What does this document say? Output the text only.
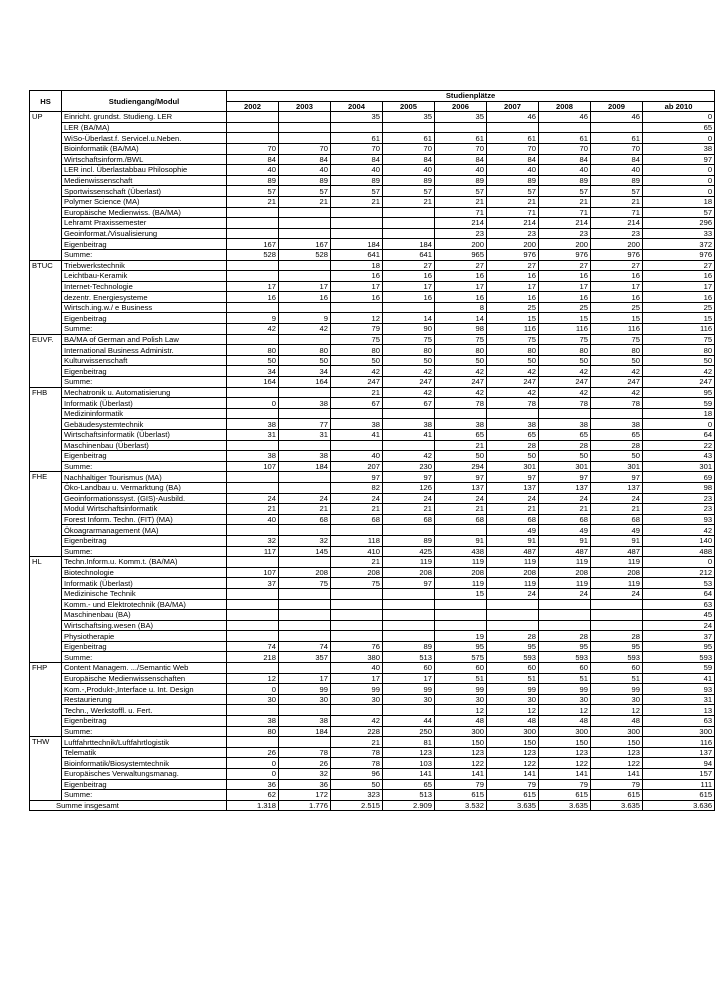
HS	Studiengang/Modul	Studienplätze								
		2002	2003	2004	2005	2006	2007	2008	2009	ab 2010
UP	Einricht. grundst. Studieng. LER			35	35	35	46	46	46	0
	LER (BA/MA)									65
	WiSo-Überlast.f. Servicel.u.Neben.			61	61	61	61	61	61	0
	Bioinformatik (BA/MA)	70	70	70	70	70	70	70	70	38
	Wirtschaftsinform./BWL	84	84	84	84	84	84	84	84	97
	LER incl. Überlastabbau Philosophie	40	40	40	40	40	40	40	40	0
	Medienwissenschaft	89	89	89	89	89	89	89	89	0
	Sportwissenschaft (Überlast)	57	57	57	57	57	57	57	57	0
	Polymer Science (MA)	21	21	21	21	21	21	21	21	18
	Europäische Medienwiss. (BA/MA)					71	71	71	71	57
	Lehramt Praxissemester					214	214	214	214	296
	Geoinformat./Visualisierung					23	23	23	23	33
	Eigenbeitrag	167	167	184	184	200	200	200	200	372
	Summe:	528	528	641	641	965	976	976	976	976
BTUC	Triebwerkstechnik			18	27	27	27	27	27	27
	Leichtbau-Keramik			16	16	16	16	16	16	16
	Internet-Technologie	17	17	17	17	17	17	17	17	17
	dezentr. Energiesysteme	16	16	16	16	16	16	16	16	16
	Wirtsch.ing.w./ e Business					8	25	25	25	25
	Eigenbeitrag	9	9	12	14	14	15	15	15	15
	Summe:	42	42	79	90	98	116	116	116	116
EUVF.	BA/MA of German and Polish Law			75	75	75	75	75	75	75
	International Business Administr.	80	80	80	80	80	80	80	80	80
	Kulturwissenschaft	50	50	50	50	50	50	50	50	50
	Eigenbeitrag	34	34	42	42	42	42	42	42	42
	Summe:	164	164	247	247	247	247	247	247	247
FHB	Mechatronik u. Automatisierung			21	42	42	42	42	42	95
	Informatik (Überlast)	0	38	67	67	78	78	78	78	59
	Medizininformatik									18
	Gebäudesystemtechnik	38	77	38	38	38	38	38	38	0
	Wirtschaftsinformatik (Überlast)	31	31	41	41	65	65	65	65	64
	Maschinenbau (Überlast)					21	28	28	28	22
	Eigenbeitrag	38	38	40	42	50	50	50	50	43
	Summe:	107	184	207	230	294	301	301	301	301
FHE	Nachhaltiger Tourismus (MA)			97	97	97	97	97	97	69
	Öko-Landbau u. Vermarktung (BA)			82	126	137	137	137	137	98
	Geoinformationssyst. (GIS)-Ausbild.	24	24	24	24	24	24	24	24	23
	Modul Wirtschaftsinformatik	21	21	21	21	21	21	21	21	23
	Forest Inform. Techn. (FIT) (MA)	40	68	68	68	68	68	68	68	93
	Ökoagrarmanagement (MA)						49	49	49	42
	Eigenbeitrag	32	32	118	89	91	91	91	91	140
	Summe:	117	145	410	425	438	487	487	487	488
HL	Techn.Inform.u. Komm.t. (BA/MA)			21	119	119	119	119	119	0
	Biotechnologie	107	208	208	208	208	208	208	208	212
	Informatik (Überlast)	37	75	75	97	119	119	119	119	53
	Medizinische Technik					15	24	24	24	64
	Komm.- und Elektrotechnik (BA/MA)									63
	Maschinenbau (BA)									45
	Wirtschaftsing.wesen (BA)									24
	Physiotherapie					19	28	28	28	37
	Eigenbeitrag	74	74	76	89	95	95	95	95	95
	Summe:	218	357	380	513	575	593	593	593	593
FHP	Content Managem. .../Semantic Web			40	60	60	60	60	60	59
	Europäische Medienwissenschaften	12	17	17	17	51	51	51	51	41
	Kom.-,Produkt-,Interface u. Int. Design	0	99	99	99	99	99	99	99	93
	Restaurierung	30	30	30	30	30	30	30	30	31
	Techn., Werkstoffl. u. Fert.					12	12	12	12	13
	Eigenbeitrag	38	38	42	44	48	48	48	48	63
	Summe:	80	184	228	250	300	300	300	300	300
THW	Luftfahrttechnik/Luftfahrtlogistik			21	81	150	150	150	150	116
	Telematik	26	78	78	123	123	123	123	123	137
	Bioinformatik/Biosystemtechnik	0	26	78	103	122	122	122	122	94
	Europäisches Verwaltungsmanag.	0	32	96	141	141	141	141	141	157
	Eigenbeitrag	36	36	50	65	79	79	79	79	111
	Summe:	62	172	323	513	615	615	615	615	615
Summe insgesamt		1.318	1.776	2.515	2.909	3.532	3.635	3.635	3.635	3.636
